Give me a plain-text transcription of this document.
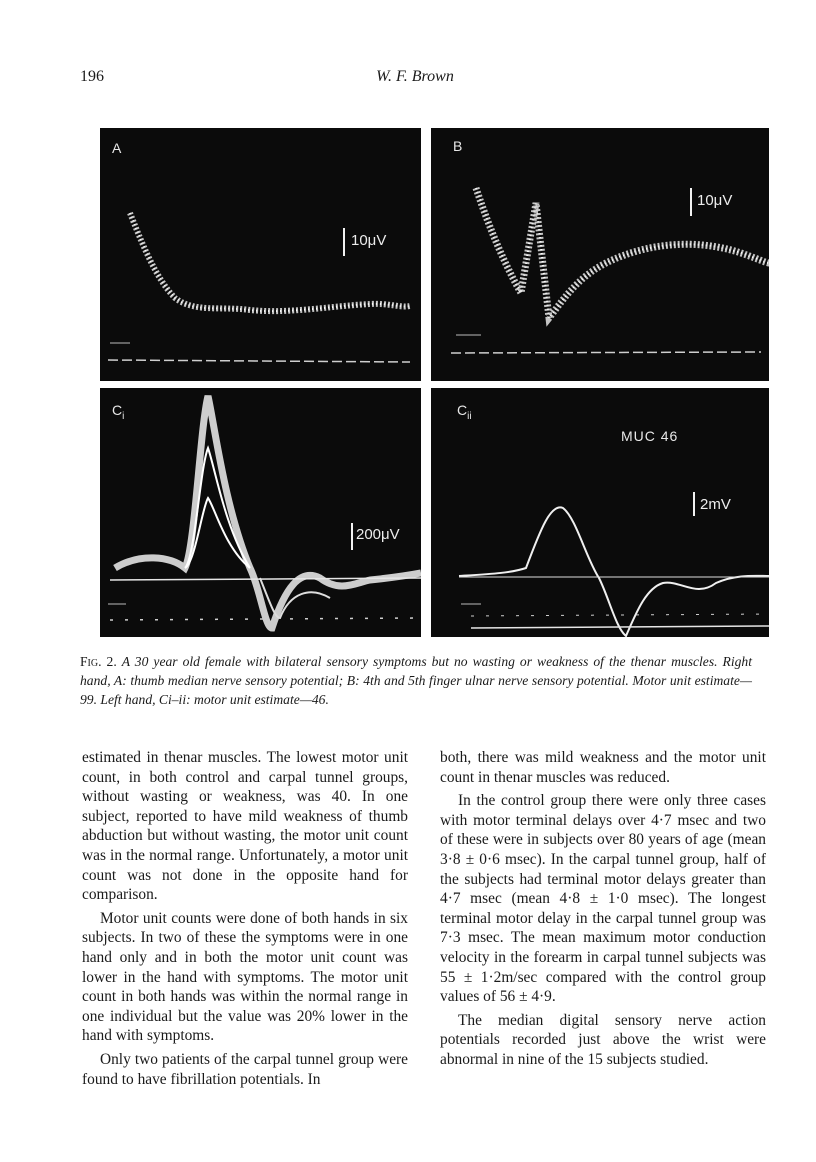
196	W. F. Brown
A
10μV
B
10μV
$C_i$
200μV
$C_{ii}$
MUC 46
2mV
Fig. 2. A 30 year old female with bilateral sensory symptoms but no wasting or weakness of the thenar muscles. Right hand, A: thumb median nerve sensory potential; B: 4th and 5th finger ulnar nerve sensory potential. Motor unit estimate—99. Left hand, Ci–ii: motor unit estimate—46.

estimated in thenar muscles. The lowest motor unit count, in both control and carpal tunnel groups, without wasting or weakness, was 40. In one subject, reported to have mild weakness of thumb abduction but without wasting, the motor unit count was in the normal range. Unfortunately, a motor unit count was not done in the opposite hand for comparison.

Motor unit counts were done of both hands in six subjects. In two of these the symptoms were in one hand only and in both the motor unit count was lower in the hand with symptoms. The motor unit count in both hands was within the normal range in one individual but the value was 20% lower in the hand with symptoms.

Only two patients of the carpal tunnel group were found to have fibrillation potentials. In

both, there was mild weakness and the motor unit count in thenar muscles was reduced.

In the control group there were only three cases with motor terminal delays over 4·7 msec and two of these were in subjects over 80 years of age (mean 3·8 ± 0·6 msec). In the carpal tunnel group, half of the subjects had terminal motor delays greater than 4·7 msec (mean 4·8 ± 1·0 msec). The longest terminal motor delay in the carpal tunnel group was 7·3 msec. The mean maximum motor conduction velocity in the forearm in carpal tunnel subjects was 55 ± 1·2m/sec compared with the control group values of 56 ± 4·9.

The median digital sensory nerve action potentials recorded just above the wrist were abnormal in nine of the 15 subjects studied.
